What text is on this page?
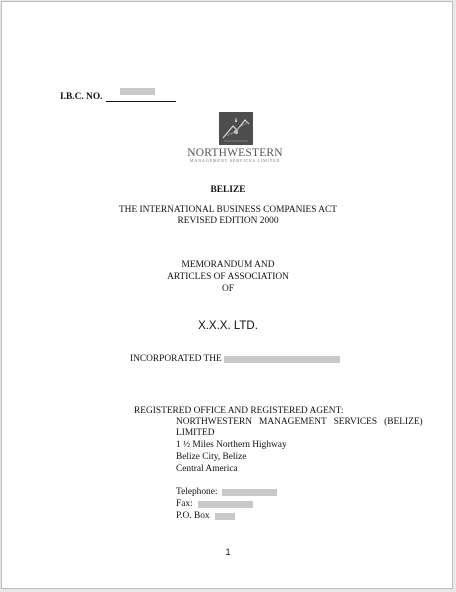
I.B.C. NO.
NORTHWESTERN
MANAGEMENT SERVICES LIMITED
BELIZE
THE INTERNATIONAL BUSINESS COMPANIES ACT
REVISED EDITION 2000
MEMORANDUM AND
ARTICLES OF ASSOCIATION
OF
X.X.X. LTD.
INCORPORATED THE
REGISTERED OFFICE AND REGISTERED AGENT:
NORTHWESTERN   MANAGEMENT   SERVICES   (BELIZE)
LIMITED
1 ½ Miles Northern Highway
Belize City, Belize
Central America
Telephone:
Fax:
P.O. Box
1
